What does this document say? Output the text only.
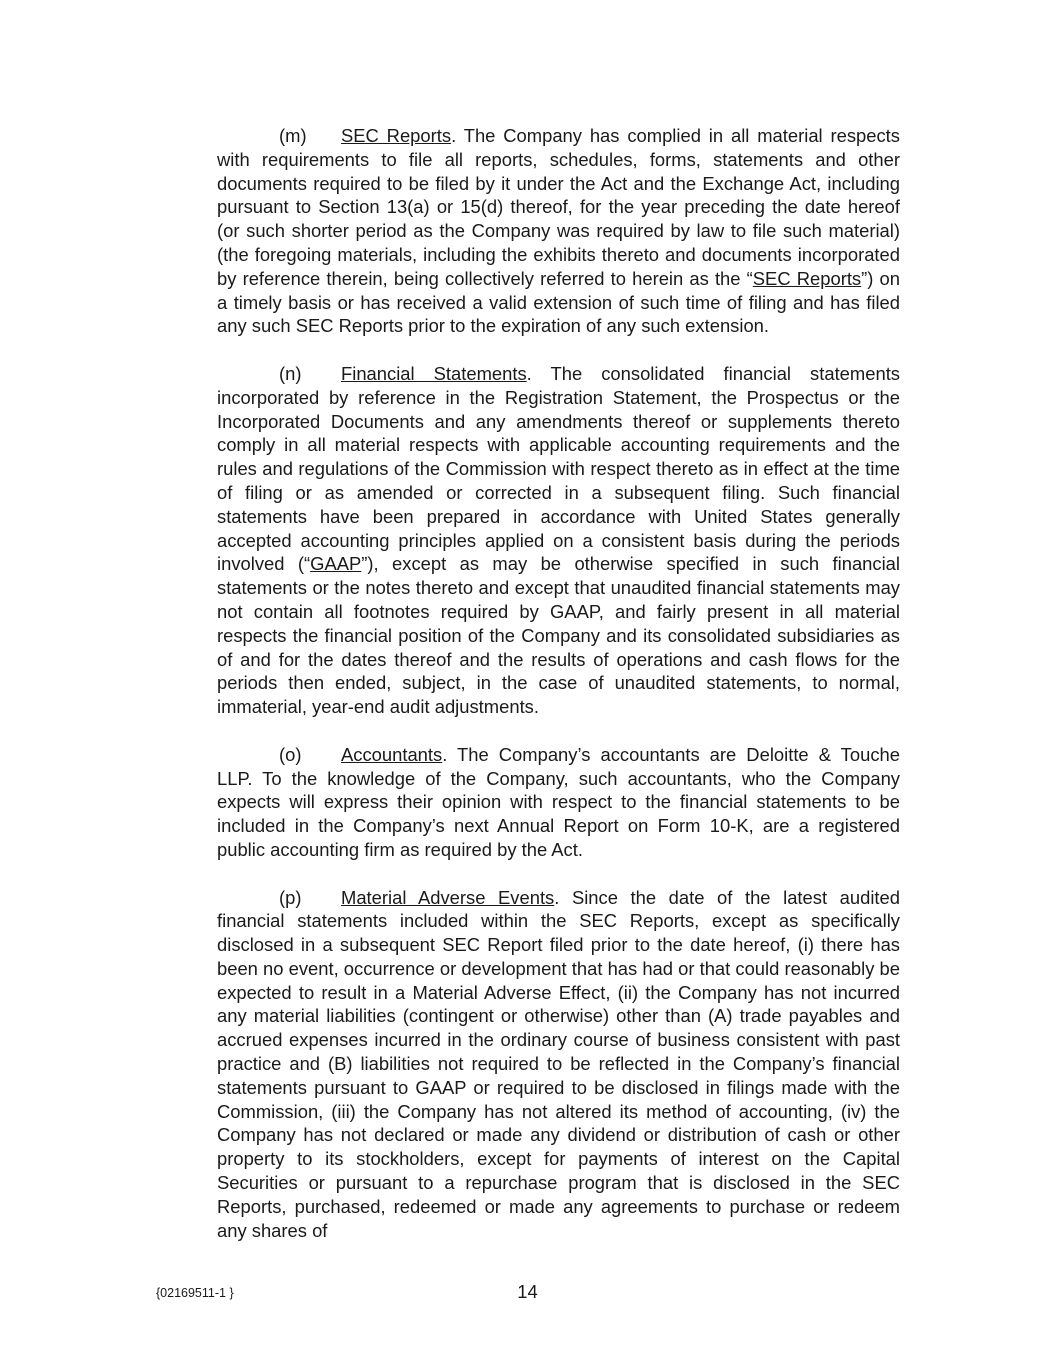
(m) SEC Reports. The Company has complied in all material respects with requirements to file all reports, schedules, forms, statements and other documents required to be filed by it under the Act and the Exchange Act, including pursuant to Section 13(a) or 15(d) thereof, for the year preceding the date hereof (or such shorter period as the Company was required by law to file such material) (the foregoing materials, including the exhibits thereto and documents incorporated by reference therein, being collectively referred to herein as the “SEC Reports”) on a timely basis or has received a valid extension of such time of filing and has filed any such SEC Reports prior to the expiration of any such extension.

(n) Financial Statements. The consolidated financial statements incorporated by reference in the Registration Statement, the Prospectus or the Incorporated Documents and any amendments thereof or supplements thereto comply in all material respects with applicable accounting requirements and the rules and regulations of the Commission with respect thereto as in effect at the time of filing or as amended or corrected in a subsequent filing. Such financial statements have been prepared in accordance with United States generally accepted accounting principles applied on a consistent basis during the periods involved (“GAAP”), except as may be otherwise specified in such financial statements or the notes thereto and except that unaudited financial statements may not contain all footnotes required by GAAP, and fairly present in all material respects the financial position of the Company and its consolidated subsidiaries as of and for the dates thereof and the results of operations and cash flows for the periods then ended, subject, in the case of unaudited statements, to normal, immaterial, year-end audit adjustments.

(o) Accountants. The Company’s accountants are Deloitte & Touche LLP. To the knowledge of the Company, such accountants, who the Company expects will express their opinion with respect to the financial statements to be included in the Company’s next Annual Report on Form 10-K, are a registered public accounting firm as required by the Act.

(p) Material Adverse Events. Since the date of the latest audited financial statements included within the SEC Reports, except as specifically disclosed in a subsequent SEC Report filed prior to the date hereof, (i) there has been no event, occurrence or development that has had or that could reasonably be expected to result in a Material Adverse Effect, (ii) the Company has not incurred any material liabilities (contingent or otherwise) other than (A) trade payables and accrued expenses incurred in the ordinary course of business consistent with past practice and (B) liabilities not required to be reflected in the Company’s financial statements pursuant to GAAP or required to be disclosed in filings made with the Commission, (iii) the Company has not altered its method of accounting, (iv) the Company has not declared or made any dividend or distribution of cash or other property to its stockholders, except for payments of interest on the Capital Securities or pursuant to a repurchase program that is disclosed in the SEC Reports, purchased, redeemed or made any agreements to purchase or redeem any shares of

{02169511-1 }	14
